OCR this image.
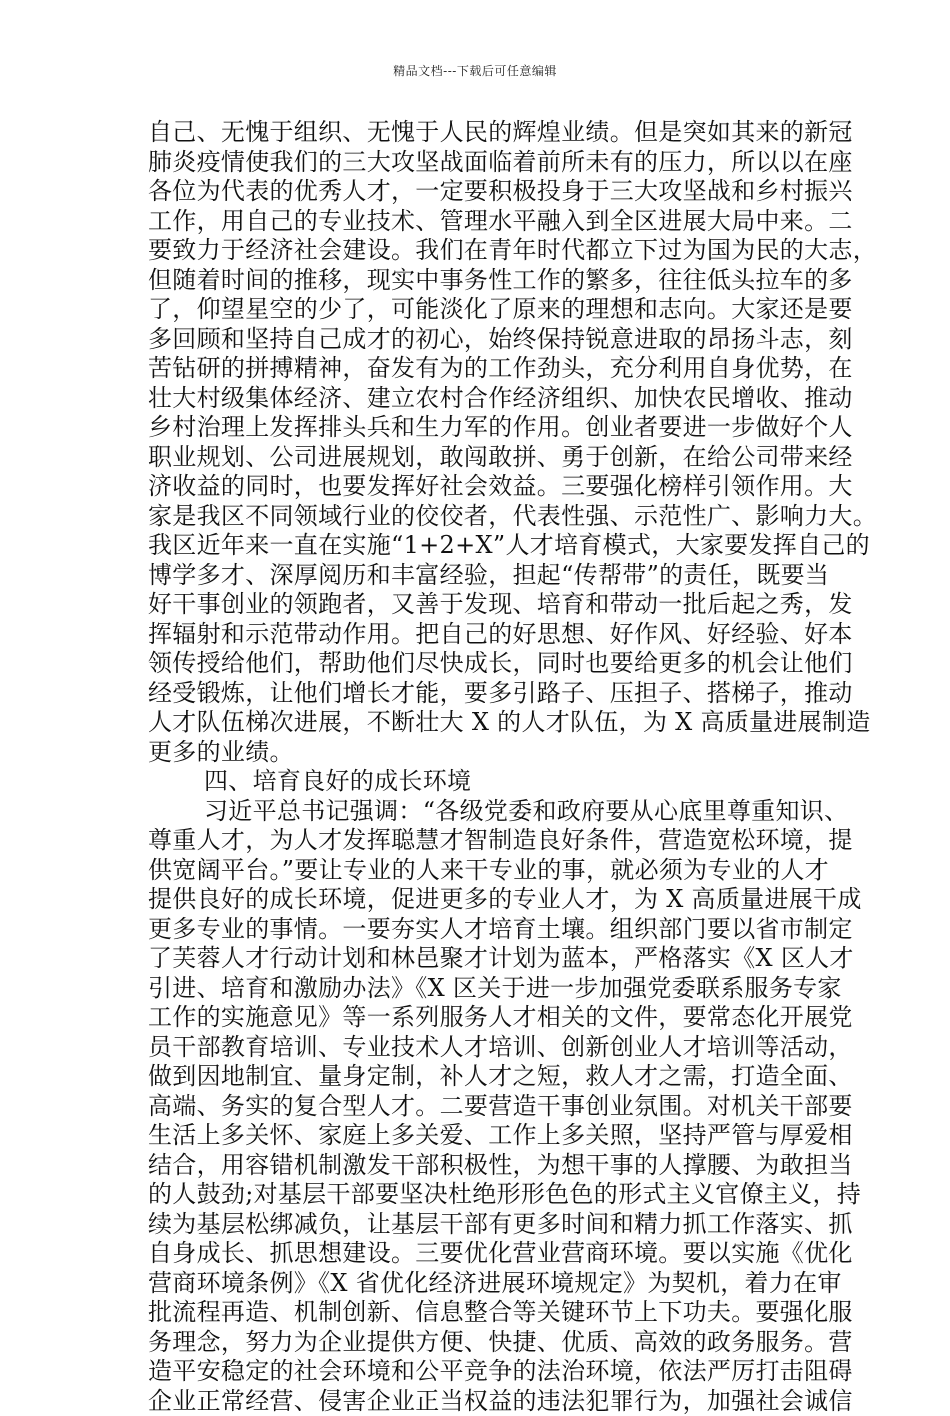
精品文档---下载后可任意编辑
自己、无愧于组织、无愧于人民的辉煌业绩。但是突如其来的新冠
肺炎疫情使我们的三大攻坚战面临着前所未有的压力，所以以在座
各位为代表的优秀人才，一定要积极投身于三大攻坚战和乡村振兴
工作，用自己的专业技术、管理水平融入到全区进展大局中来。二
要致力于经济社会建设。我们在青年时代都立下过为国为民的大志，
但随着时间的推移，现实中事务性工作的繁多，往往低头拉车的多
了，仰望星空的少了，可能淡化了原来的理想和志向。大家还是要
多回顾和坚持自己成才的初心，始终保持锐意进取的昂扬斗志，刻
苦钻研的拼搏精神，奋发有为的工作劲头，充分利用自身优势，在
壮大村级集体经济、建立农村合作经济组织、加快农民增收、推动
乡村治理上发挥排头兵和生力军的作用。创业者要进一步做好个人
职业规划、公司进展规划，敢闯敢拼、勇于创新，在给公司带来经
济收益的同时，也要发挥好社会效益。三要强化榜样引领作用。大
家是我区不同领域行业的佼佼者，代表性强、示范性广、影响力大。
我区近年来一直在实施“1+2+X”人才培育模式，大家要发挥自己的
博学多才、深厚阅历和丰富经验，担起“传帮带”的责任，既要当
好干事创业的领跑者，又善于发现、培育和带动一批后起之秀，发
挥辐射和示范带动作用。把自己的好思想、好作风、好经验、好本
领传授给他们，帮助他们尽快成长，同时也要给更多的机会让他们
经受锻炼，让他们增长才能，要多引路子、压担子、搭梯子，推动
人才队伍梯次进展，不断壮大 X 的人才队伍，为 X 高质量进展制造
更多的业绩。
四、培育良好的成长环境
习近平总书记强调：“各级党委和政府要从心底里尊重知识、
尊重人才，为人才发挥聪慧才智制造良好条件，营造宽松环境，提
供宽阔平台。”要让专业的人来干专业的事，就必须为专业的人才
提供良好的成长环境，促进更多的专业人才，为 X 高质量进展干成
更多专业的事情。一要夯实人才培育土壤。组织部门要以省市制定
了芙蓉人才行动计划和林邑聚才计划为蓝本，严格落实《X 区人才
引进、培育和激励办法》《X 区关于进一步加强党委联系服务专家
工作的实施意见》等一系列服务人才相关的文件，要常态化开展党
员干部教育培训、专业技术人才培训、创新创业人才培训等活动，
做到因地制宜、量身定制，补人才之短，救人才之需，打造全面、
高端、务实的复合型人才。二要营造干事创业氛围。对机关干部要
生活上多关怀、家庭上多关爱、工作上多关照，坚持严管与厚爱相
结合，用容错机制激发干部积极性，为想干事的人撑腰、为敢担当
的人鼓劲;对基层干部要坚决杜绝形形色色的形式主义官僚主义，持
续为基层松绑减负，让基层干部有更多时间和精力抓工作落实、抓
自身成长、抓思想建设。三要优化营业营商环境。要以实施《优化
营商环境条例》《X 省优化经济进展环境规定》为契机，着力在审
批流程再造、机制创新、信息整合等关键环节上下功夫。要强化服
务理念，努力为企业提供方便、快捷、优质、高效的政务服务。营
造平安稳定的社会环境和公平竞争的法治环境，依法严厉打击阻碍
企业正常经营、侵害企业正当权益的违法犯罪行为，加强社会诚信
